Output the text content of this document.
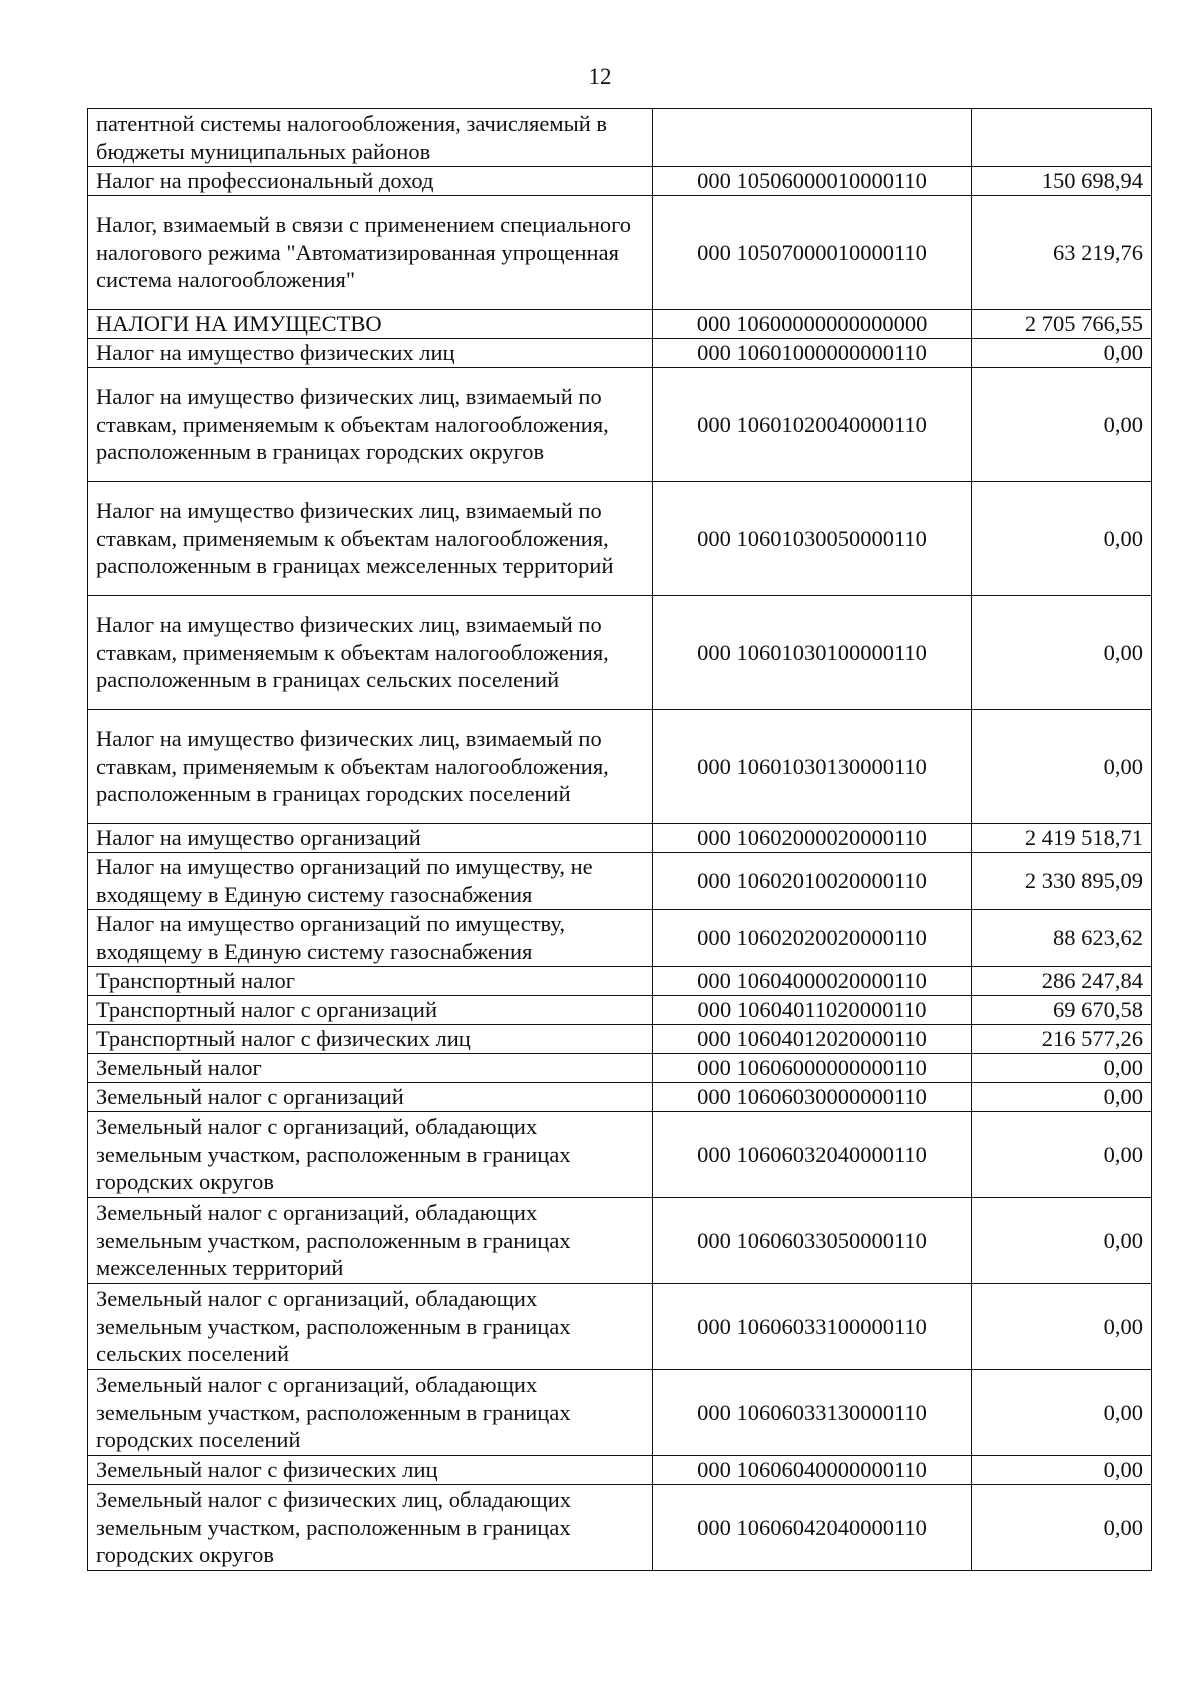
12
патентной системы налогообложения, зачисляемый в бюджеты муниципальных районов		
Налог на профессиональный доход	000 10506000010000110	150 698,94
Налог, взимаемый в связи с применением специального налогового режима "Автоматизированная упрощенная система налогообложения"	000 10507000010000110	63 219,76
НАЛОГИ НА ИМУЩЕСТВО	000 10600000000000000	2 705 766,55
Налог на имущество физических лиц	000 10601000000000110	0,00
Налог на имущество физических лиц, взимаемый по ставкам, применяемым к объектам налогообложения, расположенным в границах городских округов	000 10601020040000110	0,00
Налог на имущество физических лиц, взимаемый по ставкам, применяемым к объектам налогообложения, расположенным в границах межселенных территорий	000 10601030050000110	0,00
Налог на имущество физических лиц, взимаемый по ставкам, применяемым к объектам налогообложения, расположенным в границах сельских поселений	000 10601030100000110	0,00
Налог на имущество физических лиц, взимаемый по ставкам, применяемым к объектам налогообложения, расположенным в границах городских поселений	000 10601030130000110	0,00
Налог на имущество организаций	000 10602000020000110	2 419 518,71
Налог на имущество организаций по имуществу, не входящему в Единую систему газоснабжения	000 10602010020000110	2 330 895,09
Налог на имущество организаций по имуществу, входящему в Единую систему газоснабжения	000 10602020020000110	88 623,62
Транспортный налог	000 10604000020000110	286 247,84
Транспортный налог с организаций	000 10604011020000110	69 670,58
Транспортный налог с физических лиц	000 10604012020000110	216 577,26
Земельный налог	000 10606000000000110	0,00
Земельный налог с организаций	000 10606030000000110	0,00
Земельный налог с организаций, обладающих земельным участком, расположенным в границах городских округов	000 10606032040000110	0,00
Земельный налог с организаций, обладающих земельным участком, расположенным в границах межселенных территорий	000 10606033050000110	0,00
Земельный налог с организаций, обладающих земельным участком, расположенным в границах сельских поселений	000 10606033100000110	0,00
Земельный налог с организаций, обладающих земельным участком, расположенным в границах городских поселений	000 10606033130000110	0,00
Земельный налог с физических лиц	000 10606040000000110	0,00
Земельный налог с физических лиц, обладающих земельным участком, расположенным в границах городских округов	000 10606042040000110	0,00
